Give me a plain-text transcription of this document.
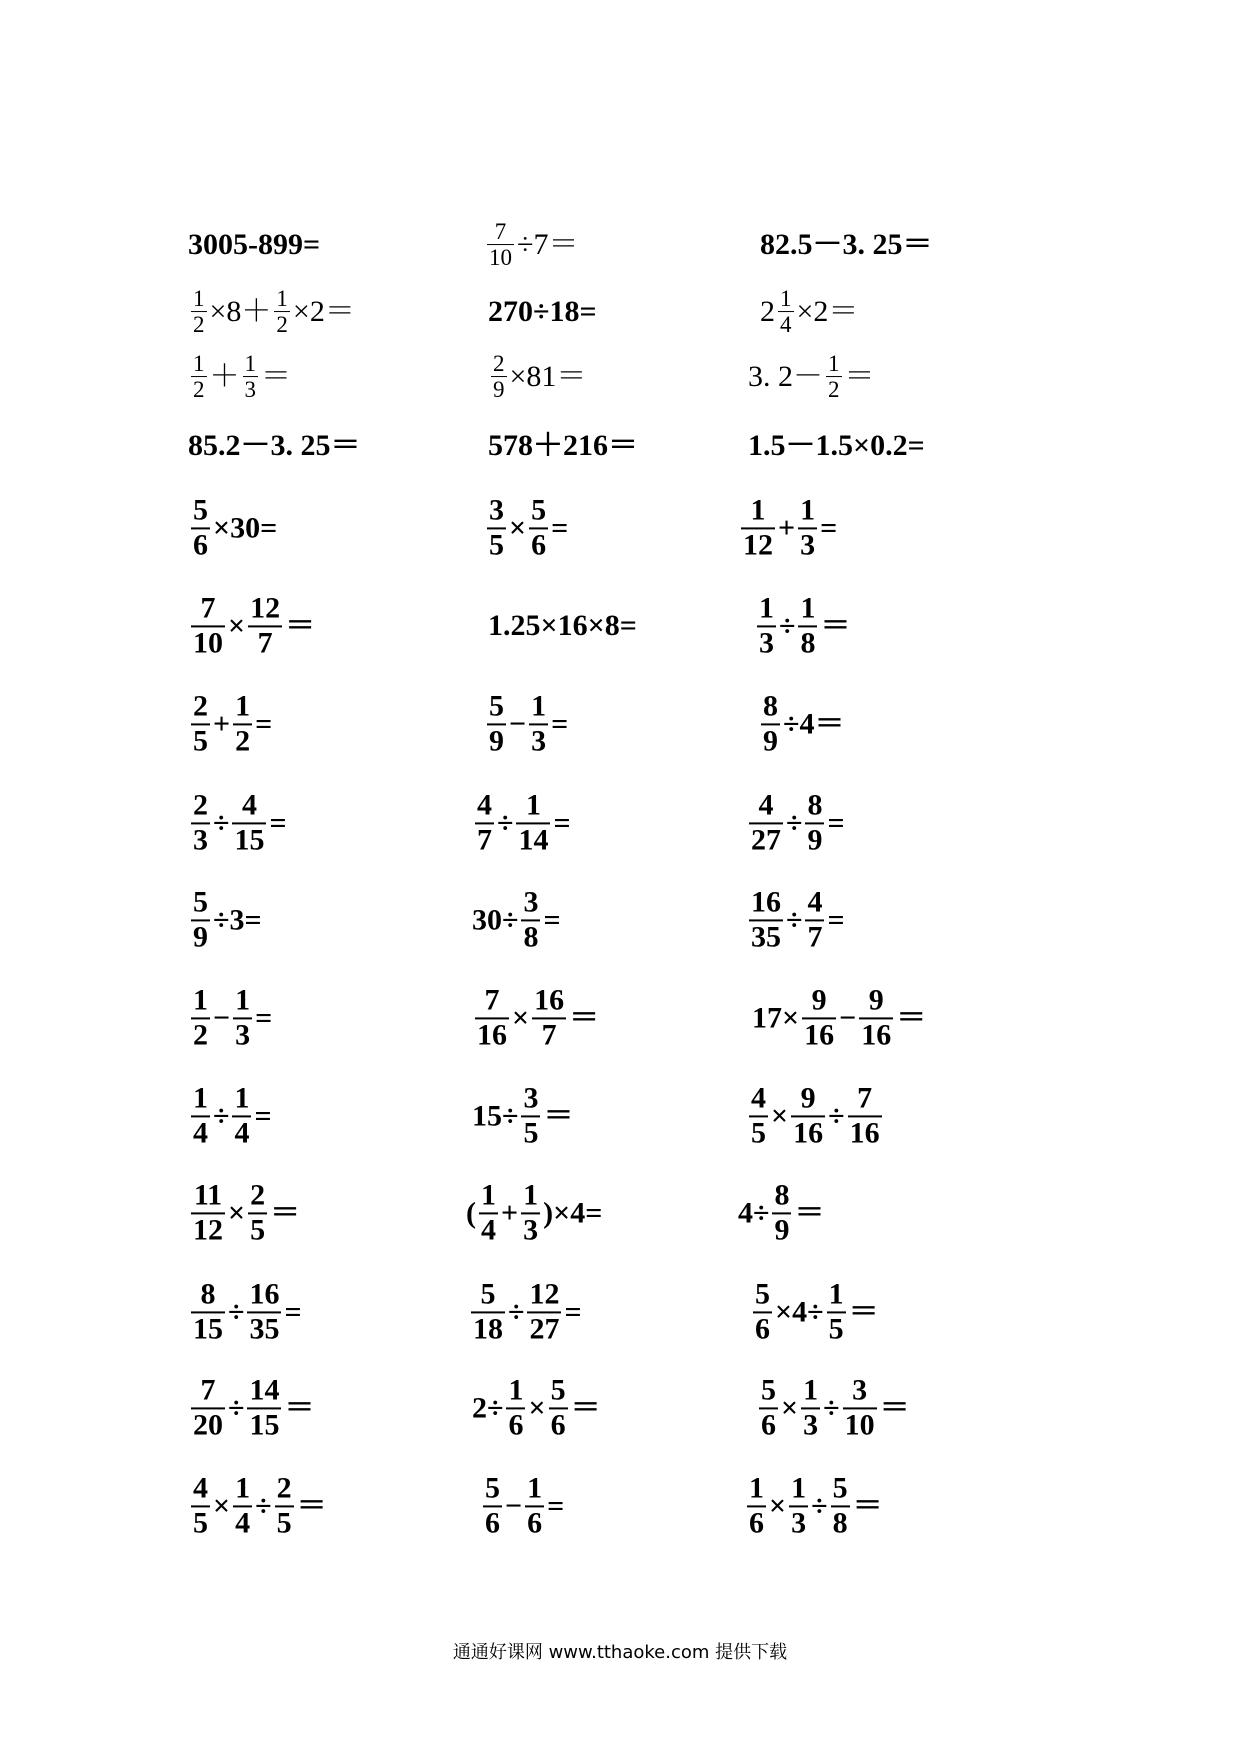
3005-899=	$\frac{7}{10} \div 7=$	82.5－3. 25＝
$\frac{1}{2} \times 8+ \frac{1}{2} \times 2=$	270÷18=	$2 \frac{1}{4} \times 2=$
$\frac{1}{2} + \frac{1}{3}$ ＝	$\frac{2}{9} \times 81=$	3. $2- \frac{1}{2}$ ＝
85.2－3. 25＝	578＋216＝	1.5－1.5×0.2=
$\frac{5}{6} \times 30=$	$\frac{3}{5} \times \frac{5}{6}$ =	$\frac{1}{12} + \frac{1}{3}$ =
$\frac{7}{10} \times \frac{12}{7}$ ＝	1.25×16×8=	$\frac{1}{3} \div \frac{1}{8}$ ＝
$\frac{2}{5} + \frac{1}{2}$ =	$\frac{5}{9} - \frac{1}{3}$ =	$\frac{8}{9} \div 4=$
$\frac{2}{3} \div \frac{4}{15}$ =	$\frac{4}{7} \div \frac{1}{14}$ =	$\frac{4}{27} \div \frac{8}{9}$ =
$\frac{5}{9} \div 3=$	$30\div \frac{3}{8}$ =	$\frac{16}{35} \div \frac{4}{7}$ =
$\frac{1}{2} - \frac{1}{3}$ =	$\frac{7}{16} \times \frac{16}{7}$ ＝	$17\times \frac{9}{16} - \frac{9}{16}$ ＝
$\frac{1}{4} \div \frac{1}{4}$ =	$15\div \frac{3}{5}$ ＝	$\frac{4}{5} \times \frac{9}{16} \div \frac{7}{16}$
$\frac{11}{12} \times \frac{2}{5}$ ＝	( $\frac{1}{4} + \frac{1}{3} )\times 4=$	$4\div \frac{8}{9}$ ＝
$\frac{8}{15} \div \frac{16}{35}$ =	$\frac{5}{18} \div \frac{12}{27}$ =	$\frac{5}{6} \times 4\div \frac{1}{5}$ ＝
$\frac{7}{20} \div \frac{14}{15}$ ＝	$2\div \frac{1}{6} \times \frac{5}{6}$ ＝	$\frac{5}{6} \times \frac{1}{3} \div \frac{3}{10}$ ＝
$\frac{4}{5} \times \frac{1}{4} \div \frac{2}{5}$ ＝	$\frac{5}{6} - \frac{1}{6}$ =	$\frac{1}{6} \times \frac{1}{3} \div \frac{5}{8}$ ＝
通通好课网 www.tthaoke.com 提供下载
